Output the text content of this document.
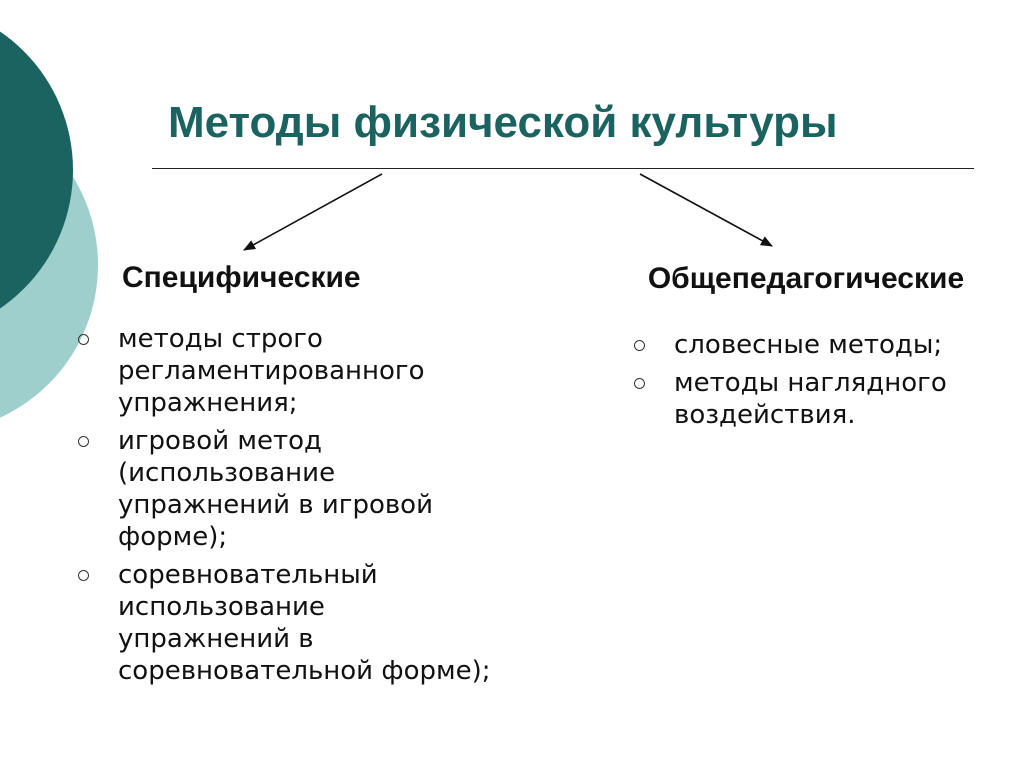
Методы физической культуры
Специфические	Общепедагогические
методы строго регламентированного упражнения;
игровой метод (использование упражнений в игровой форме);
соревновательный использование упражнений в соревновательной форме);
словесные методы;
методы наглядного воздействия.
